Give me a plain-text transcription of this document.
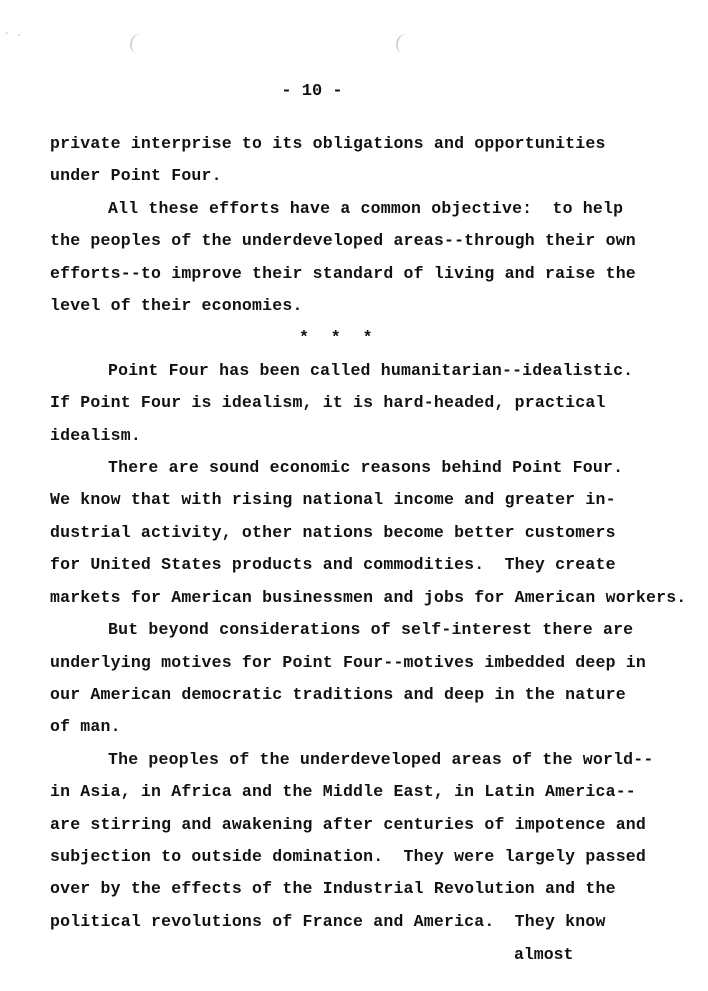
- .
- 10 -
private interprise to its obligations and opportunities
under Point Four.
All these efforts have a common objective:  to help
the peoples of the underdeveloped areas--through their own
efforts--to improve their standard of living and raise the
level of their economies.
* * *
Point Four has been called humanitarian--idealistic.
If Point Four is idealism, it is hard-headed, practical
idealism.
There are sound economic reasons behind Point Four.
We know that with rising national income and greater in-
dustrial activity, other nations become better customers
for United States products and commodities.  They create
markets for American businessmen and jobs for American workers.
But beyond considerations of self-interest there are
underlying motives for Point Four--motives imbedded deep in
our American democratic traditions and deep in the nature
of man.
The peoples of the underdeveloped areas of the world--
in Asia, in Africa and the Middle East, in Latin America--
are stirring and awakening after centuries of impotence and
subjection to outside domination.  They were largely passed
over by the effects of the Industrial Revolution and the
political revolutions of France and America.  They know
almost
